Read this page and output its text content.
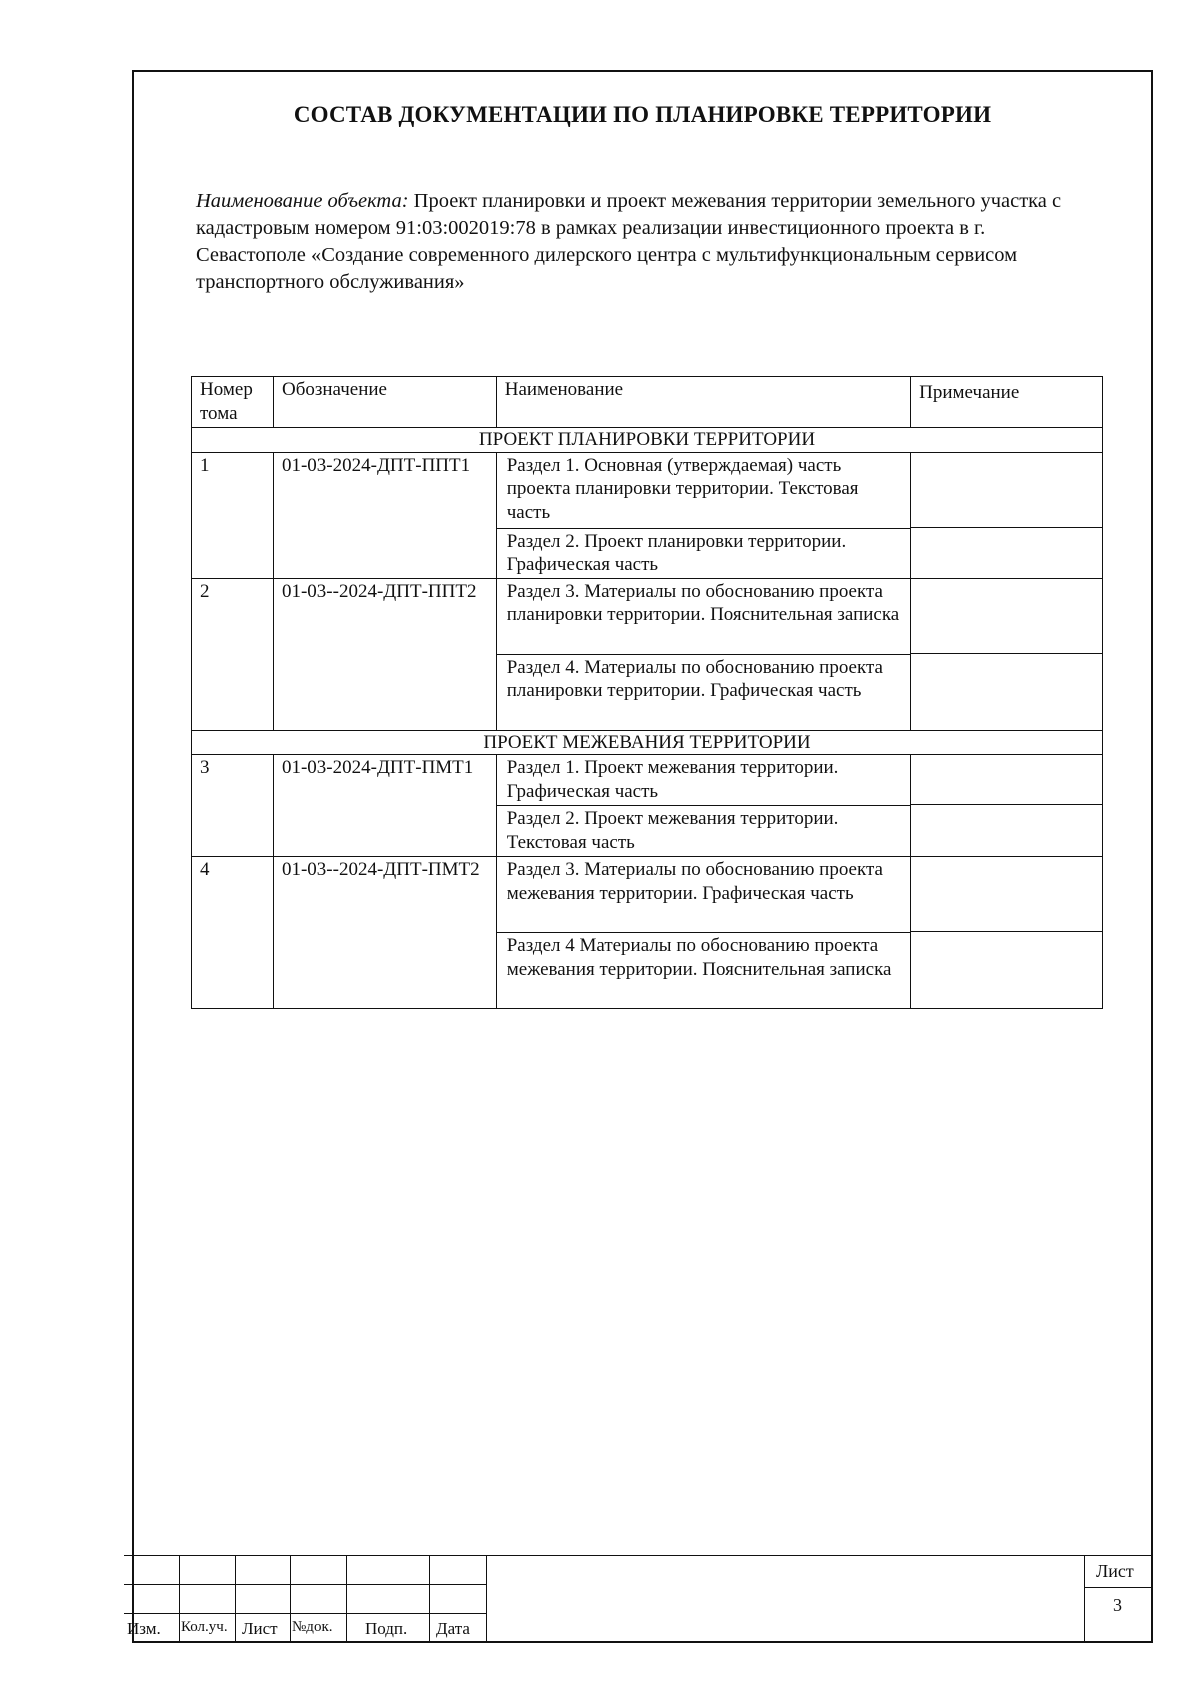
СОСТАВ ДОКУМЕНТАЦИИ ПО ПЛАНИРОВКЕ ТЕРРИТОРИИ
Наименование объекта: Проект планировки и проект межевания территории земельного участка с кадастровым номером 91:03:002019:78 в рамках реализации инвестиционного проекта в г. Севастополе «Создание современного дилерского центра с мультифункциональным сервисом транспортного обслуживания»
Номер тома	Обозначение	Наименование	Примечание
ПРОЕКТ ПЛАНИРОВКИ ТЕРРИТОРИИ			
1	01-03-2024-ДПТ-ППТ1	Раздел 1. Основная (утверждаемая) часть проекта планировки территории. Текстовая часть
Раздел 2. Проект планировки территории. Графическая часть	

2	01-03--2024-ДПТ-ППТ2	Раздел 3. Материалы по обоснованию проекта планировки территории. Пояснительная записка
Раздел 4. Материалы по обоснованию проекта планировки территории. Графическая часть	

ПРОЕКТ МЕЖЕВАНИЯ ТЕРРИТОРИИ			
3	01-03-2024-ДПТ-ПМТ1	Раздел 1. Проект межевания территории. Графическая часть
Раздел 2. Проект межевания территории. Текстовая часть	

4	01-03--2024-ДПТ-ПМТ2	Раздел 3. Материалы по обоснованию проекта межевания территории. Графическая часть
Раздел 4 Материалы по обоснованию проекта межевания территории. Пояснительная записка	

Изм. Кол.уч. Лист №док. Подп. Дата
Лист
3
